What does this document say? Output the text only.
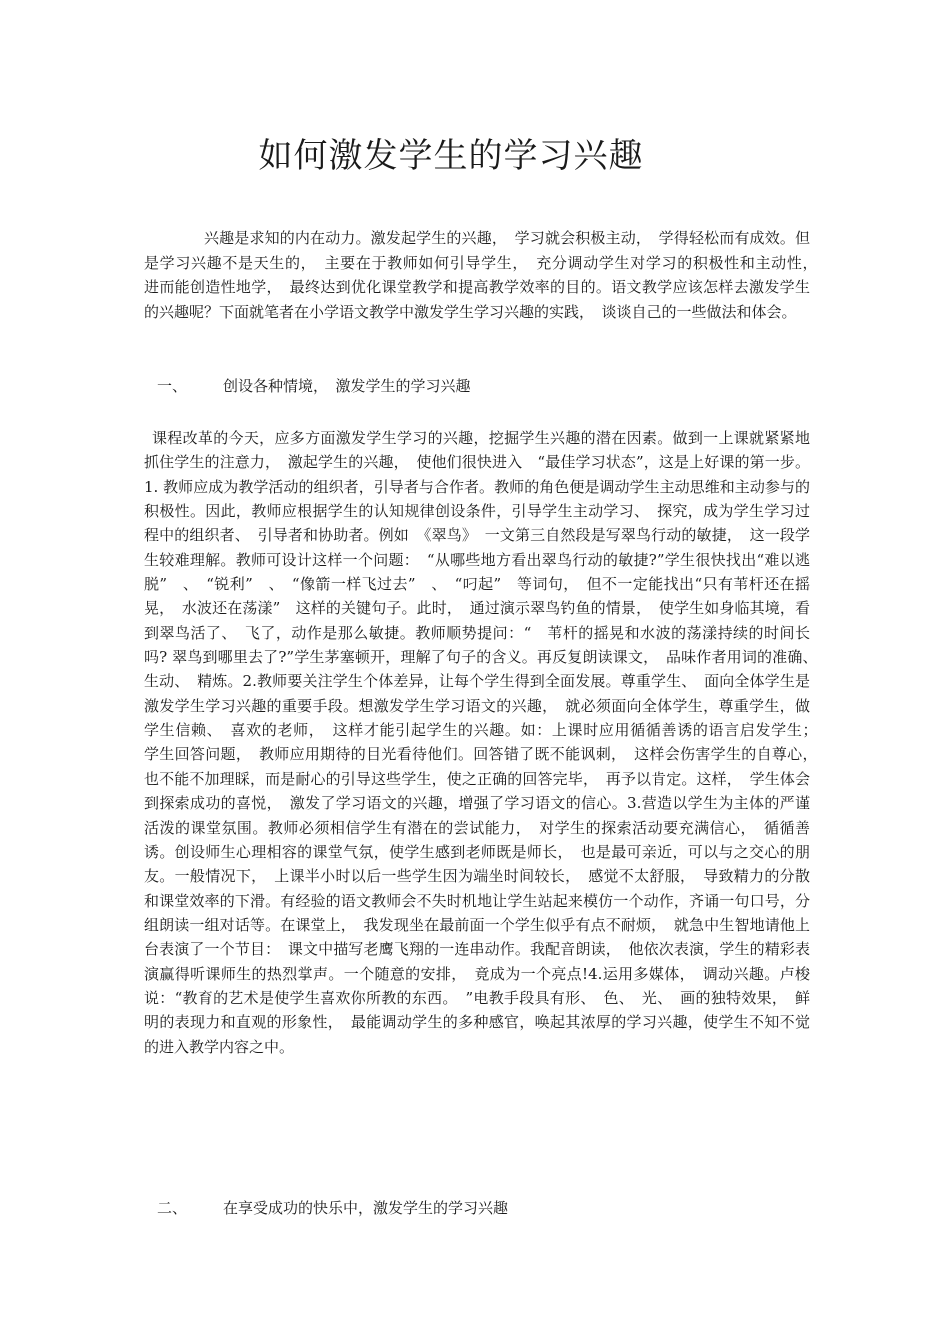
如何激发学生的学习兴趣

兴趣是求知的内在动力。激发起学生的兴趣，　学习就会积极主动，　学得轻松而有成效。但是学习兴趣不是天生的，　主要在于教师如何引导学生，　充分调动学生对学习的积极性和主动性，　进而能创造性地学，　最终达到优化课堂教学和提高教学效率的目的。语文教学应该怎样去激发学生的兴趣呢？下面就笔者在小学语文教学中激发学生学习兴趣的实践，　谈谈自己的一些做法和体会。

一、 创设各种情境，　激发学生的学习兴趣

课程改革的今天，应多方面激发学生学习的兴趣，挖掘学生兴趣的潜在因素。做到一上课就紧紧地抓住学生的注意力，　激起学生的兴趣，　使他们很快进入　“最佳学习状态”，这是上好课的第一步。1. 教师应成为教学活动的组织者，引导者与合作者。教师的角色便是调动学生主动思维和主动参与的积极性。因此，教师应根据学生的认知规律创设条件，引导学生主动学习、　探究，成为学生学习过程中的组织者、　引导者和协助者。例如　《翠鸟》　一文第三自然段是写翠鸟行动的敏捷，　这一段学生较难理解。教师可设计这样一个问题：　“从哪些地方看出翠鸟行动的敏捷?”学生很快找出“难以逃脱”　、　“锐利”　、　“像箭一样飞过去”　、　“叼起”　等词句，　但不一定能找出“只有苇杆还在摇晃，　水波还在荡漾”　这样的关键句子。此时，　通过演示翠鸟钓鱼的情景，　使学生如身临其境，看到翠鸟活了、　飞了，动作是那么敏捷。教师顺势提问：“　苇杆的摇晃和水波的荡漾持续的时间长吗? 翠鸟到哪里去了?”学生茅塞顿开，理解了句子的含义。再反复朗读课文，　品味作者用词的准确、　生动、　精炼。2.教师要关注学生个体差异，让每个学生得到全面发展。尊重学生、　面向全体学生是激发学生学习兴趣的重要手段。想激发学生学习语文的兴趣，　就必须面向全体学生，尊重学生，做学生信赖、　喜欢的老师，　这样才能引起学生的兴趣。如：上课时应用循循善诱的语言启发学生；　学生回答问题，　教师应用期待的目光看待他们。回答错了既不能讽刺，　这样会伤害学生的自尊心，　也不能不加理睬，而是耐心的引导这些学生，使之正确的回答完毕，　再予以肯定。这样，　学生体会到探索成功的喜悦，　激发了学习语文的兴趣，增强了学习语文的信心。3.营造以学生为主体的严谨活泼的课堂氛围。教师必须相信学生有潜在的尝试能力，　对学生的探索活动要充满信心，　循循善诱。创设师生心理相容的课堂气氛，使学生感到老师既是师长，　也是最可亲近，可以与之交心的朋友。一般情况下，　上课半小时以后一些学生因为端坐时间较长，　感觉不太舒服，　导致精力的分散和课堂效率的下滑。有经验的语文教师会不失时机地让学生站起来模仿一个动作，齐诵一句口号，分组朗读一组对话等。在课堂上，　我发现坐在最前面一个学生似乎有点不耐烦，　就急中生智地请他上台表演了一个节目：　课文中描写老鹰飞翔的一连串动作。我配音朗读，　他依次表演，学生的精彩表演赢得听课师生的热烈掌声。一个随意的安排，　竟成为一个亮点!4.运用多媒体，　调动兴趣。卢梭说：“教育的艺术是使学生喜欢你所教的东西。　”电教手段具有形、　色、　光、　画的独特效果，　鲜明的表现力和直观的形象性，　最能调动学生的多种感官，唤起其浓厚的学习兴趣，使学生不知不觉的进入教学内容之中。

二、 在享受成功的快乐中，激发学生的学习兴趣
